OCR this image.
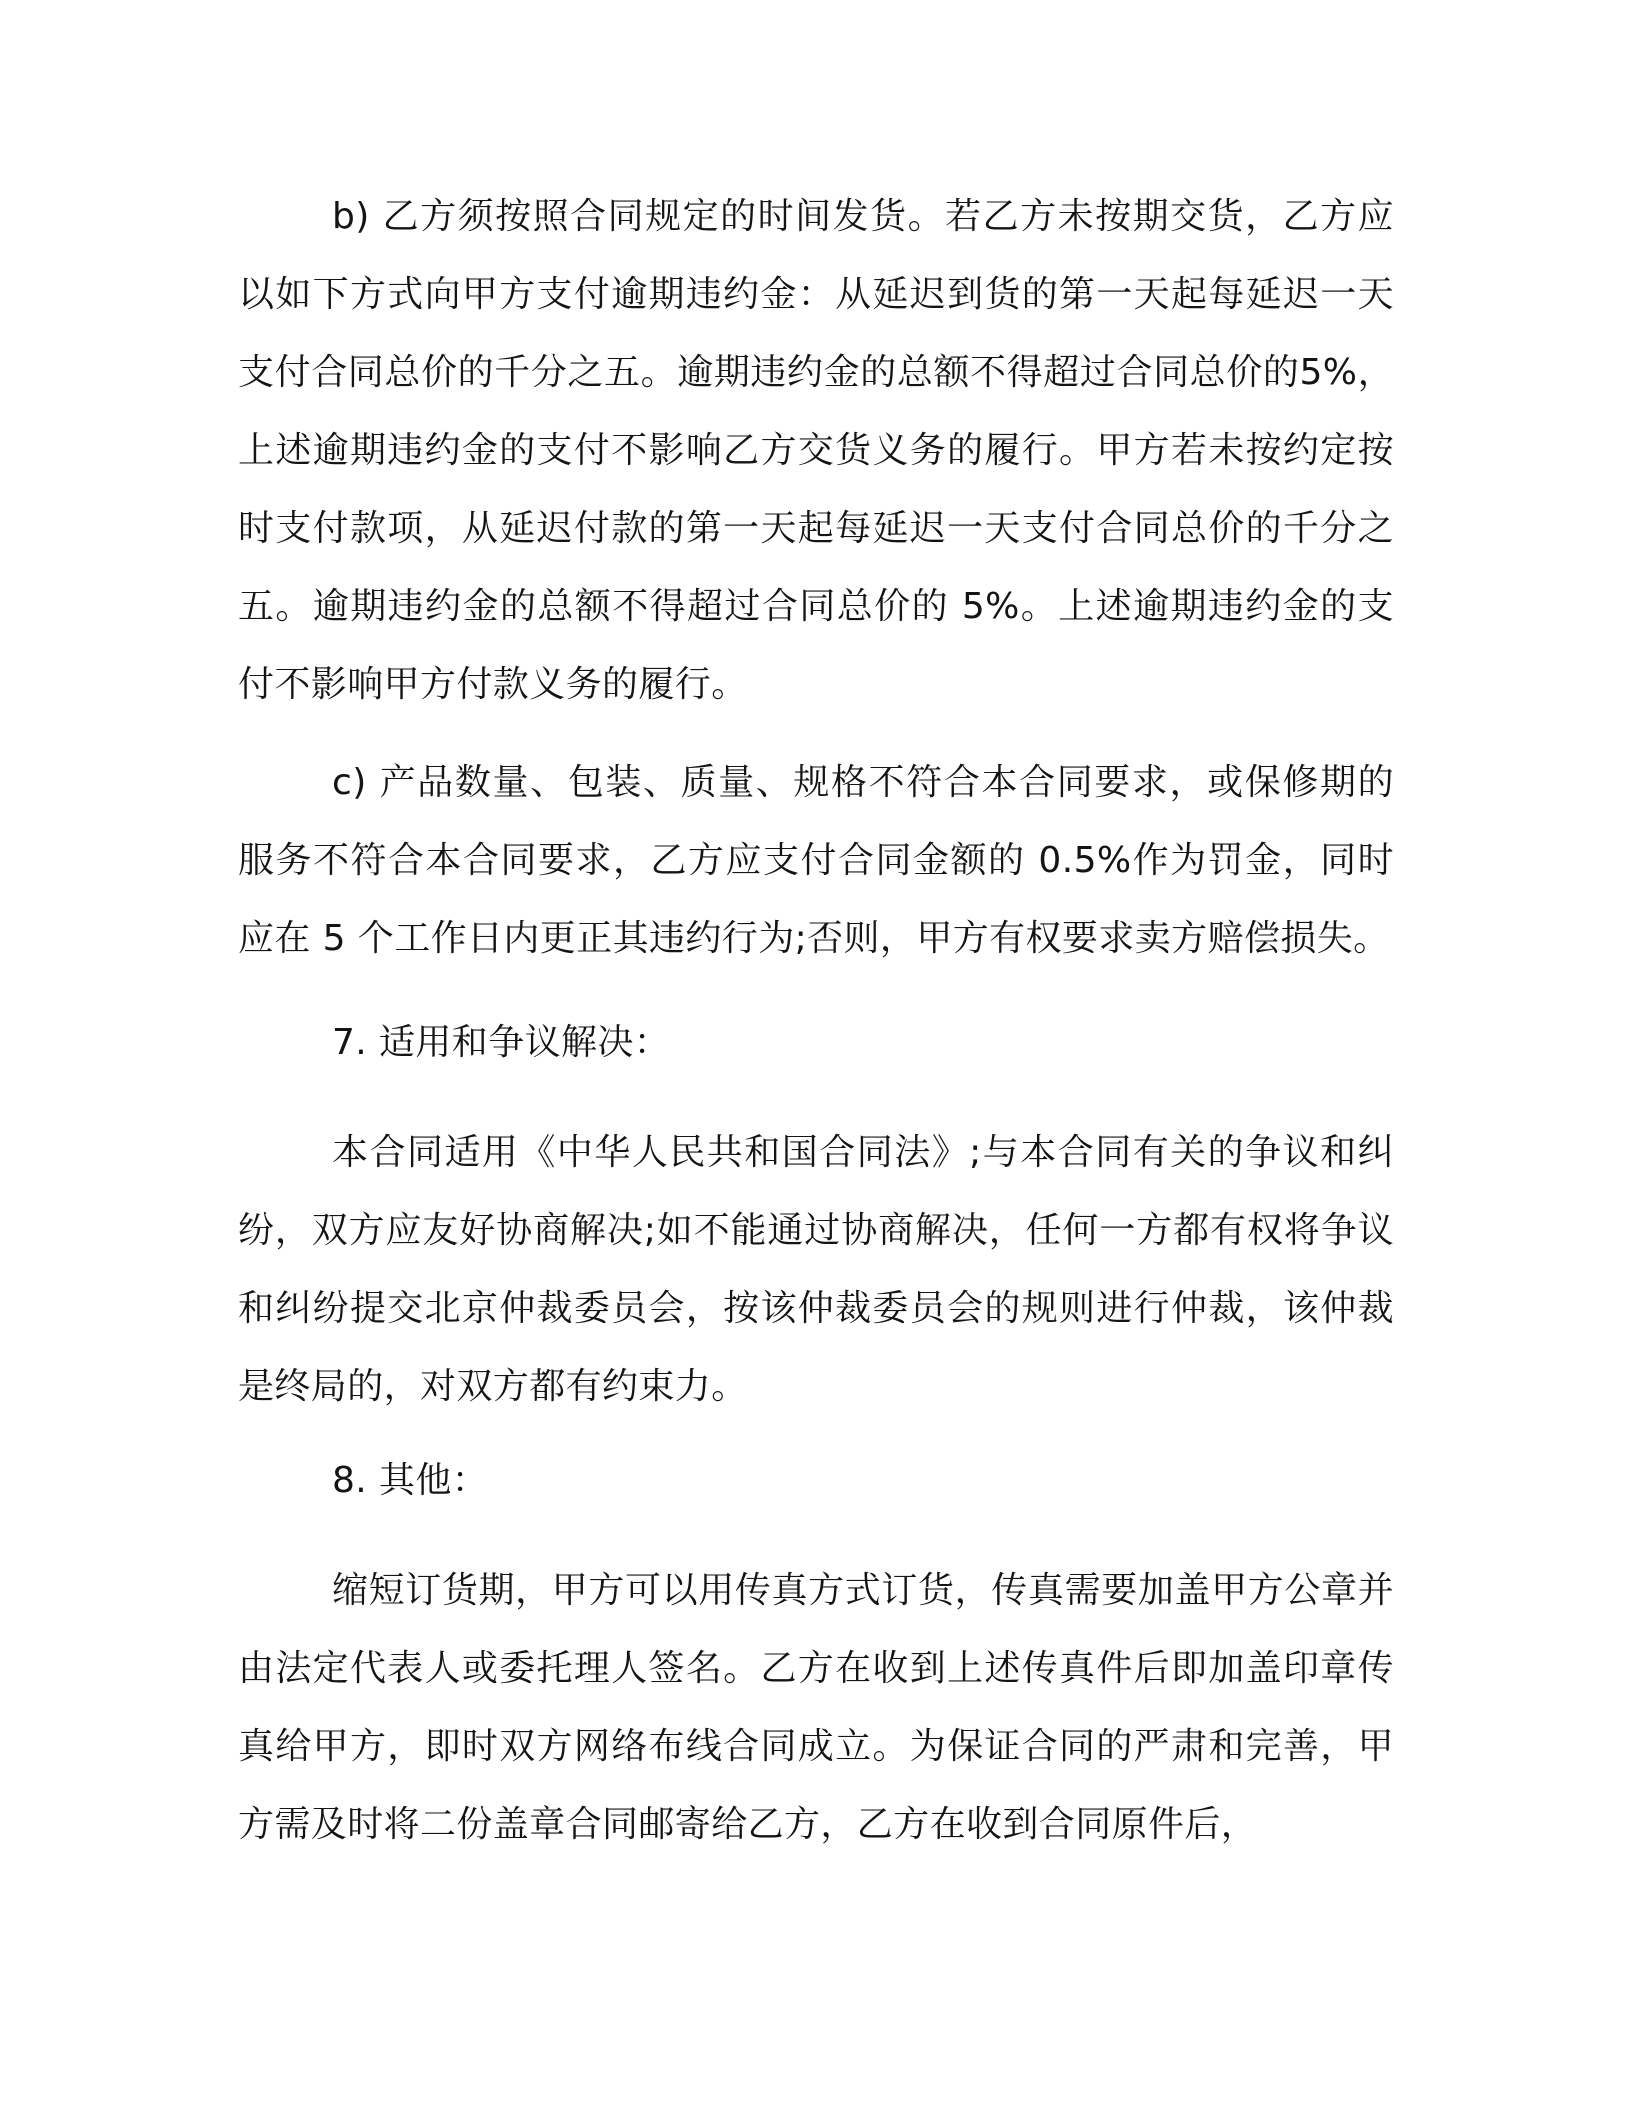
b) 乙方须按照合同规定的时间发货。若乙方未按期交货，乙方应以如下方式向甲方支付逾期违约金：从延迟到货的第一天起每延迟一天支付合同总价的千分之五。逾期违约金的总额不得超过合同总价的5%，上述逾期违约金的支付不影响乙方交货义务的履行。甲方若未按约定按时支付款项，从延迟付款的第一天起每延迟一天支付合同总价的千分之五。逾期违约金的总额不得超过合同总价的 5%。上述逾期违约金的支付不影响甲方付款义务的履行。

c) 产品数量、包装、质量、规格不符合本合同要求，或保修期的服务不符合本合同要求，乙方应支付合同金额的 0.5%作为罚金，同时应在 5 个工作日内更正其违约行为;否则，甲方有权要求卖方赔偿损失。

7. 适用和争议解决：

本合同适用《中华人民共和国合同法》;与本合同有关的争议和纠纷，双方应友好协商解决;如不能通过协商解决，任何一方都有权将争议和纠纷提交北京仲裁委员会，按该仲裁委员会的规则进行仲裁，该仲裁是终局的，对双方都有约束力。

8. 其他：

缩短订货期，甲方可以用传真方式订货，传真需要加盖甲方公章并由法定代表人或委托理人签名。乙方在收到上述传真件后即加盖印章传真给甲方，即时双方网络布线合同成立。为保证合同的严肃和完善，甲方需及时将二份盖章合同邮寄给乙方，乙方在收到合同原件后，
